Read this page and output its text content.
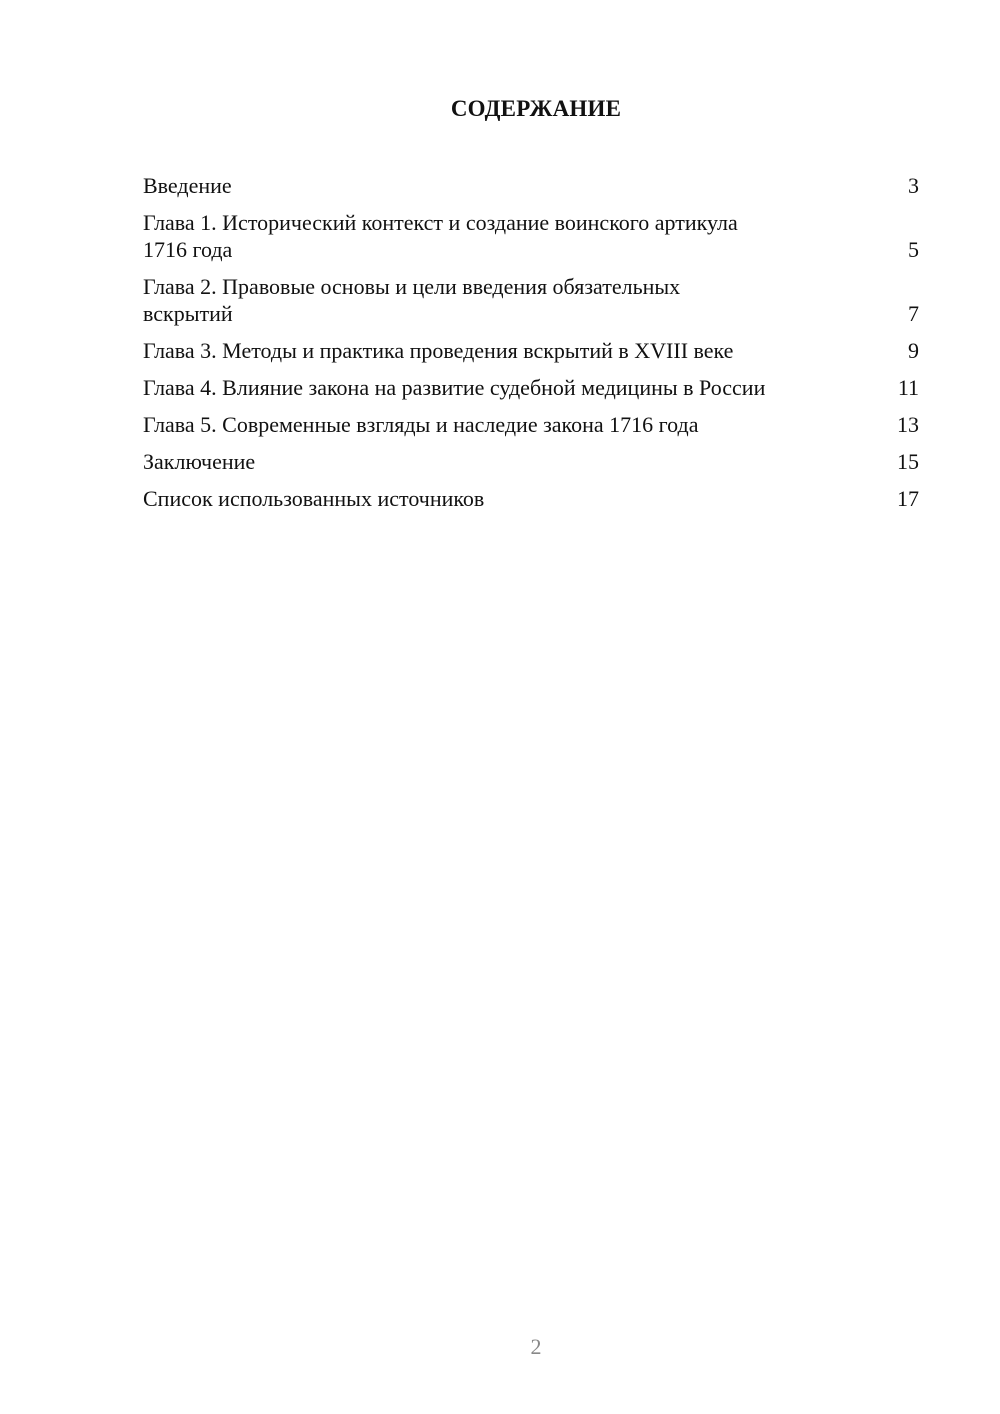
СОДЕРЖАНИЕ
Введение	3
Глава 1. Исторический контекст и создание воинского артикула 1716 года	5
Глава 2. Правовые основы и цели введения обязательных вскрытий	7
Глава 3. Методы и практика проведения вскрытий в XVIII веке	9
Глава 4. Влияние закона на развитие судебной медицины в России	11
Глава 5. Современные взгляды и наследие закона 1716 года	13
Заключение	15
Список использованных источников	17
2
